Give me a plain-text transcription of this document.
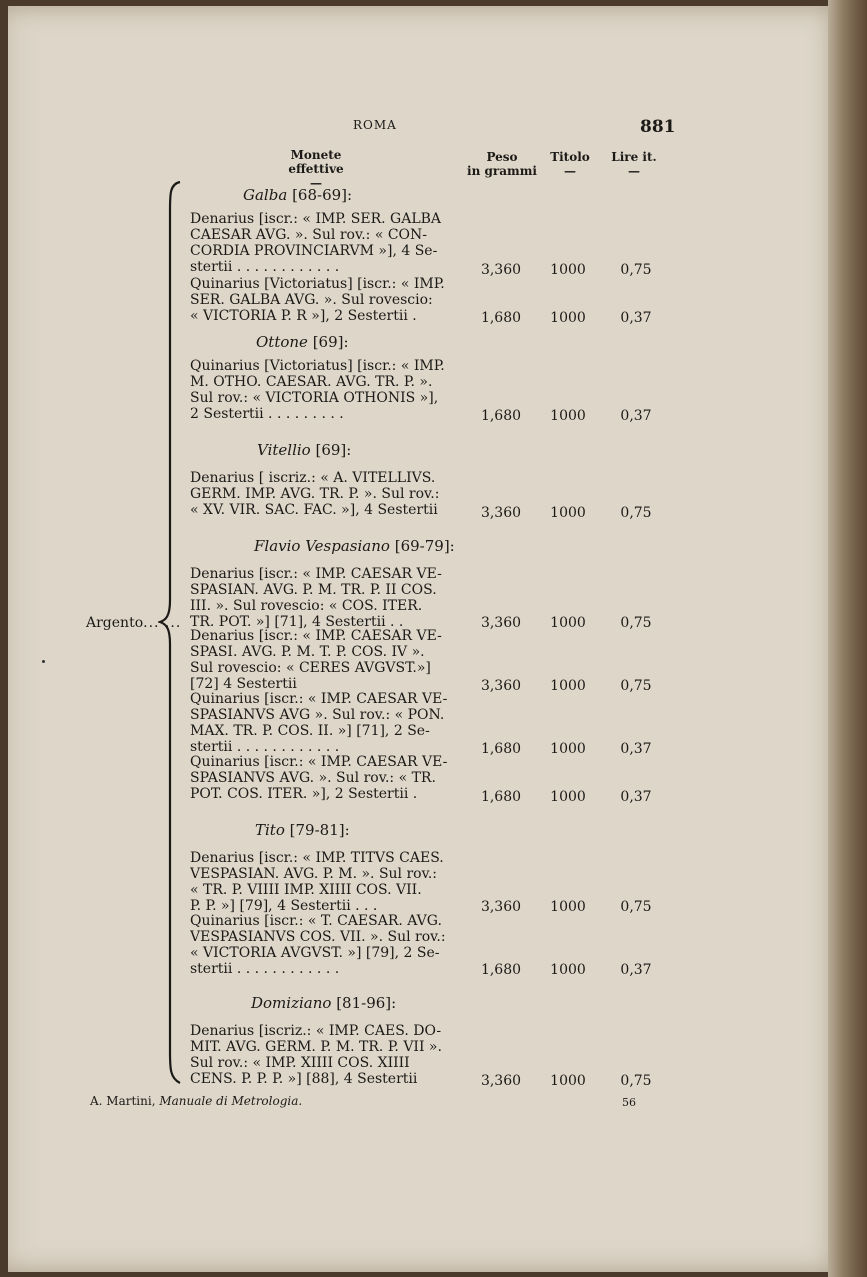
ROMA	881
Monete effettive
—
Peso
in grammi
Titolo
—
Lire it.
—
Argento... ...
Galba [68-69]:
Denarius [iscr.: « IMP. SER. GALBA
CAESAR AVG. ». Sul rov.: « CON-
CORDIA PROVINCIARVM »], 4 Se-
stertii . . . . . . . . . . . .	3,360	1000	0,75
Quinarius [Victoriatus] [iscr.: « IMP.
SER. GALBA AVG. ». Sul rovescio:
« VICTORIA P. R »], 2 Sestertii .	1,680	1000	0,37
Ottone [69]:
Quinarius [Victoriatus] [iscr.: « IMP.
M. OTHO. CAESAR. AVG. TR. P. ».
Sul rov.: « VICTORIA OTHONIS »],
2 Sestertii . . . . . . . . .	1,680	1000	0,37
Vitellio [69]:
Denarius [ iscriz.: « A. VITELLIVS.
GERM. IMP. AVG. TR. P. ». Sul rov.:
« XV. VIR. SAC. FAC. »], 4 Sestertii	3,360	1000	0,75
Flavio Vespasiano [69-79]:
Denarius [iscr.: « IMP. CAESAR VE-
SPASIAN. AVG. P. M. TR. P. II COS.
III. ». Sul rovescio: « COS. ITER.
TR. POT. »] [71], 4 Sestertii . .	3,360	1000	0,75
Denarius [iscr.: « IMP. CAESAR VE-
SPASI. AVG. P. M. T. P. COS. IV ».
Sul rovescio: « CERES AVGVST.»]
[72] 4 Sestertii	3,360	1000	0,75
Quinarius [iscr.: « IMP. CAESAR VE-
SPASIANVS AVG ». Sul rov.: « PON.
MAX. TR. P. COS. II. »] [71], 2 Se-
stertii . . . . . . . . . . . .	1,680	1000	0,37
Quinarius [iscr.: « IMP. CAESAR VE-
SPASIANVS AVG. ». Sul rov.: « TR.
POT. COS. ITER. »], 2 Sestertii .	1,680	1000	0,37
Tito [79-81]:
Denarius [iscr.: « IMP. TITVS CAES.
VESPASIAN. AVG. P. M. ». Sul rov.:
« TR. P. VIIII IMP. XIIII COS. VII.
P. P. »] [79], 4 Sestertii . . .	3,360	1000	0,75
Quinarius [iscr.: « T. CAESAR. AVG.
VESPASIANVS COS. VII. ». Sul rov.:
« VICTORIA AVGVST. »] [79], 2 Se-
stertii . . . . . . . . . . . .	1,680	1000	0,37
Domiziano [81-96]:
Denarius [iscriz.: « IMP. CAES. DO-
MIT. AVG. GERM. P. M. TR. P. VII ».
Sul rov.: « IMP. XIIII COS. XIIII
CENS. P. P. P. »] [88], 4 Sestertii	3,360	1000	0,75
A. Martini, Manuale di Metrologia.	56
